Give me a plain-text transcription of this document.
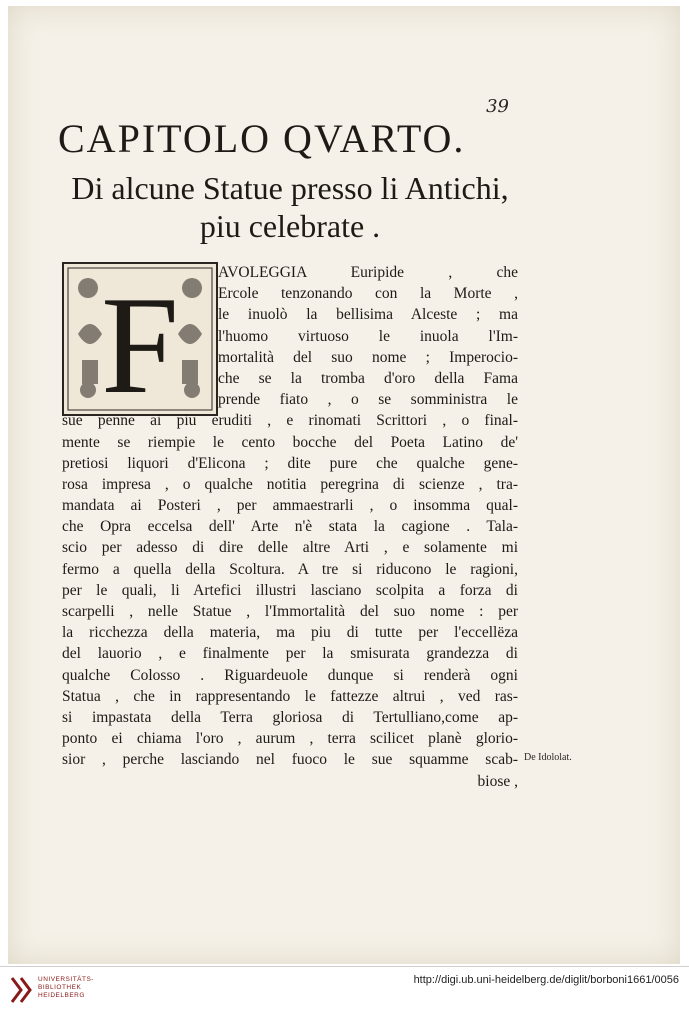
39
CAPITOLO QVARTO.
Di alcune Statue presso li Antichi,
piu celebrate .
F	AVOLEGGIA Euripide , che
Ercole tenzonando con la Morte ,
le inuolò la bellisima Alceste ; ma
l'huomo virtuoso le inuola l'Im-
mortalità del suo nome ; Imperocio-
che se la tromba d'oro della Fama
prende fiato , o se somministra le
sue penne ai piu eruditi , e rinomati Scrittori , o final-
mente se riempie le cento bocche del Poeta Latino de'
pretiosi liquori d'Elicona ; dite pure che qualche gene-
rosa impresa , o qualche notitia peregrina di scienze , tra-
mandata ai Posteri , per ammaestrarli , o insomma qual-
che Opra eccelsa dell' Arte n'è stata la cagione . Tala-
scio per adesso di dire delle altre Arti , e solamente mi
fermo a quella della Scoltura. A tre si riducono le ragioni,
per le quali, li Artefici illustri lasciano scolpita a forza di
scarpelli , nelle Statue , l'Immortalità del suo nome : per
la ricchezza della materia, ma piu di tutte per l'eccellëza
del lauorio , e finalmente per la smisurata grandezza di
qualche Colosso . Riguardeuole dunque si renderà ogni
Statua , che in rappresentando le fattezze altrui , ved ras-
si impastata della Terra gloriosa di Tertulliano,come ap-
ponto ei chiama l'oro , aurum , terra scilicet planè glorio-
sior , perche lasciando nel fuoco le sue squamme scab-
biose ,
De Idololat.
UNIVERSITÄTS-
BIBLIOTHEK
HEIDELBERG
http://digi.ub.uni-heidelberg.de/diglit/borboni1661/0056
